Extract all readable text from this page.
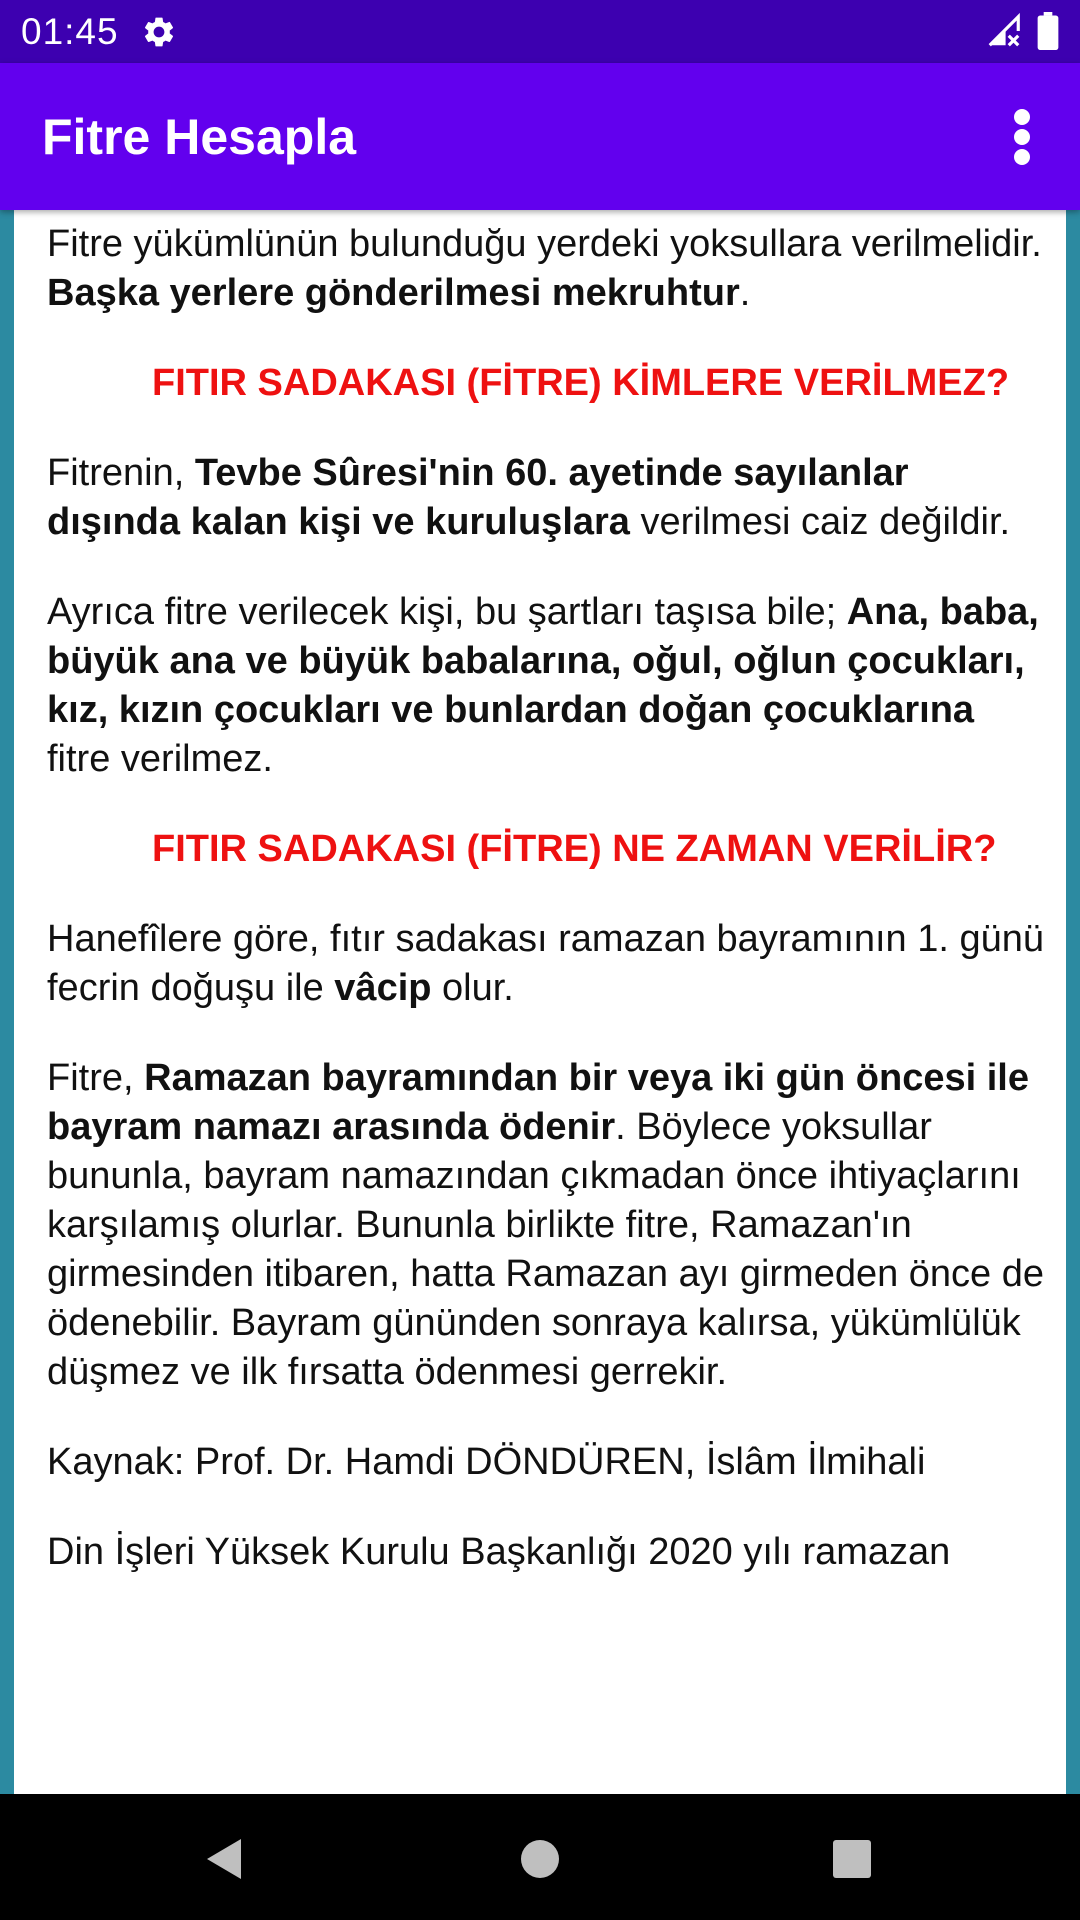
01:45
Fitre Hesapla

Fitre yükümlünün bulunduğu yerdeki yoksullara verilmelidir. Başka yerlere gönderilmesi mekruhtur.

FITIR SADAKASI (FİTRE) KİMLERE VERİLMEZ?

Fitrenin, Tevbe Sûresi'nin 60. ayetinde sayılanlar dışında kalan kişi ve kuruluşlara verilmesi caiz değildir.

Ayrıca fitre verilecek kişi, bu şartları taşısa bile; Ana, baba, büyük ana ve büyük babalarına, oğul, oğlun çocukları, kız, kızın çocukları ve bunlardan doğan çocuklarına fitre verilmez.

FITIR SADAKASI (FİTRE) NE ZAMAN VERİLİR?

Hanefîlere göre, fıtır sadakası ramazan bayramının 1. günü fecrin doğuşu ile vâcip olur.

Fitre, Ramazan bayramından bir veya iki gün öncesi ile bayram namazı arasında ödenir. Böylece yoksullar bununla, bayram namazından çıkmadan önce ihtiyaçlarını karşılamış olurlar. Bununla birlikte fitre, Ramazan'ın girmesinden itibaren, hatta Ramazan ayı girmeden önce de ödenebilir. Bayram gününden sonraya kalırsa, yükümlülük düşmez ve ilk fırsatta ödenmesi gerrekir.

Kaynak: Prof. Dr. Hamdi DÖNDÜREN, İslâm İlmihali

Din İşleri Yüksek Kurulu Başkanlığı 2020 yılı ramazan
